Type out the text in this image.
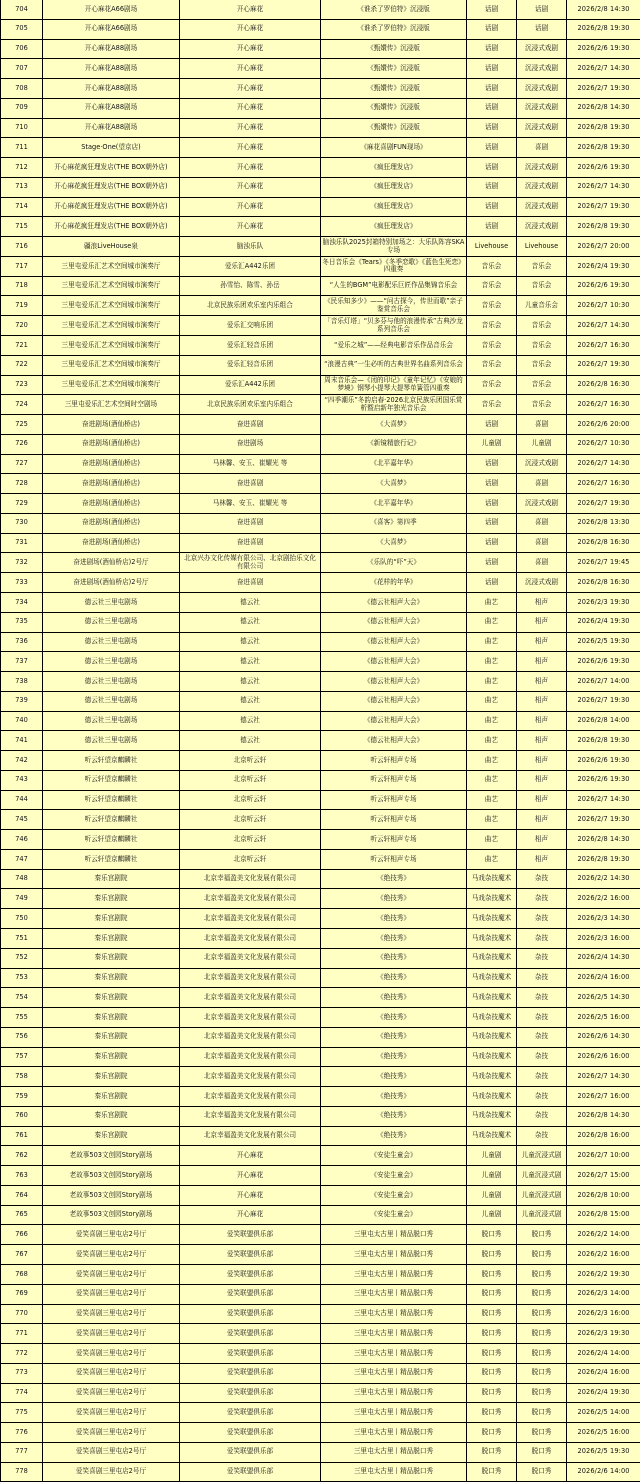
704	开心麻花A66剧场	开心麻花	《谁杀了罗伯特》沉浸版	话剧	话剧	2026/2/8 14:30
705	开心麻花A66剧场	开心麻花	《谁杀了罗伯特》沉浸版	话剧	话剧	2026/2/8 19:30
706	开心麻花A88剧场	开心麻花	《甄嬛传》沉浸版	话剧	沉浸式戏剧	2026/2/6 19:30
707	开心麻花A88剧场	开心麻花	《甄嬛传》沉浸版	话剧	沉浸式戏剧	2026/2/7 14:30
708	开心麻花A88剧场	开心麻花	《甄嬛传》沉浸版	话剧	沉浸式戏剧	2026/2/7 19:30
709	开心麻花A88剧场	开心麻花	《甄嬛传》沉浸版	话剧	沉浸式戏剧	2026/2/8 14:30
710	开心麻花A88剧场	开心麻花	《甄嬛传》沉浸版	话剧	沉浸式戏剧	2026/2/8 19:30
711	Stage·One(望京店)	开心麻花	《麻花喜剧FUN现场》	话剧	喜剧	2026/2/8 19:30
712	开心麻花疯狂理发店(THE BOX朝外店)	开心麻花	《疯狂理发店》	话剧	沉浸式戏剧	2026/2/6 19:30
713	开心麻花疯狂理发店(THE BOX朝外店)	开心麻花	《疯狂理发店》	话剧	沉浸式戏剧	2026/2/7 14:30
714	开心麻花疯狂理发店(THE BOX朝外店)	开心麻花	《疯狂理发店》	话剧	沉浸式戏剧	2026/2/7 19:30
715	开心麻花疯狂理发店(THE BOX朝外店)	开心麻花	《疯狂理发店》	话剧	沉浸式戏剧	2026/2/8 19:30
716	疆浪LiveHouse泉	脑浊乐队	脑浊乐队2025封箱特别加场之：大乐队阵容SKA专场	Livehouse	Livehouse	2026/2/7 20:00
717	三里屯爱乐汇艺术空间城市演奏厅	爱乐汇A442乐团	冬日音乐会《Tears》《冬季恋歌》《蓝色生死恋》四重奏	音乐会	音乐会	2026/2/4 19:30
718	三里屯爱乐汇艺术空间城市演奏厅	孙雪怡、陈雪、孙岳	“人生的BGM”电影配乐巨匠作品集锦音乐会	音乐会	音乐会	2026/2/6 19:30
719	三里屯爱乐汇艺术空间城市演奏厅	北京民族乐团欢乐室内乐组合	《民乐知多少》——“问古探今，传世而歌”亲子鉴赏音乐会	音乐会	儿童音乐会	2026/2/7 10:30
720	三里屯爱乐汇艺术空间城市演奏厅	爱乐汇交响乐团	「音乐灯塔」“贝多芬与他的浪漫传承”古典沙龙系列音乐会	音乐会	音乐会	2026/2/7 14:30
721	三里屯爱乐汇艺术空间城市演奏厅	爱乐汇轻音乐团	“爱乐之城”——经典电影音乐作品音乐会	音乐会	音乐会	2026/2/7 16:30
722	三里屯爱乐汇艺术空间城市演奏厅	爱乐汇轻音乐团	“浪漫古典”一生必听的古典世界名曲系列音乐会	音乐会	音乐会	2026/2/7 19:30
723	三里屯爱乐汇艺术空间城市演奏厅	爱乐汇A442乐团	周末音乐会—《闭的印记》《童年记忆》《安娘的梦境》钢琴小提琴大提琴单簧管四重奏	音乐会	音乐会	2026/2/8 16:30
724	三里屯爱乐汇艺术空间时空剧场	北京民族乐团欢乐室内乐组合	“四季潮乐”冬韵启春·2026北京民族乐团国乐赏析暨启新年独光音乐会	音乐会	音乐会	2026/2/7 16:30
725	奋进剧场(酒仙桥店)	奋进喜剧	《大喜梦》	话剧	喜剧	2026/2/6 20:00
726	奋进剧场(酒仙桥店)	奋进剧场	《新镜精旅行记》	儿童剧	儿童剧	2026/2/7 10:30
727	奋进剧场(酒仙桥店)	马林馨、安玉、崔耀光 等	《北平嘉年华》	话剧	沉浸式戏剧	2026/2/7 14:30
728	奋进剧场(酒仙桥店)	奋进喜剧	《大喜梦》	话剧	喜剧	2026/2/7 16:30
729	奋进剧场(酒仙桥店)	马林馨、安玉、崔耀光 等	《北平嘉年华》	话剧	沉浸式戏剧	2026/2/7 19:30
730	奋进剧场(酒仙桥店)	奋进喜剧	《喜客》第四季	话剧	喜剧	2026/2/8 13:30
731	奋进剧场(酒仙桥店)	奋进喜剧	《大喜梦》	话剧	喜剧	2026/2/8 16:30
732	奋进剧场(酒仙桥店)2号厅	北京兴办文化传媒有限公司、北京剧抬乐文化有限公司	《乐队的“吓”天》	话剧	喜剧	2026/2/7 19:45
733	奋进剧场(酒仙桥店)2号厅	奋进喜剧	《花样的年华》	话剧	沉浸式戏剧	2026/2/8 16:30
734	德云社三里屯剧场	德云社	《德云社相声大会》	曲艺	相声	2026/2/3 19:30
735	德云社三里屯剧场	德云社	《德云社相声大会》	曲艺	相声	2026/2/4 19:30
736	德云社三里屯剧场	德云社	《德云社相声大会》	曲艺	相声	2026/2/5 19:30
737	德云社三里屯剧场	德云社	《德云社相声大会》	曲艺	相声	2026/2/6 19:30
738	德云社三里屯剧场	德云社	《德云社相声大会》	曲艺	相声	2026/2/7 14:00
739	德云社三里屯剧场	德云社	《德云社相声大会》	曲艺	相声	2026/2/7 19:30
740	德云社三里屯剧场	德云社	《德云社相声大会》	曲艺	相声	2026/2/8 14:00
741	德云社三里屯剧场	德云社	《德云社相声大会》	曲艺	相声	2026/2/8 19:30
742	听云轩望京麒麟社	北京听云轩	听云轩相声专场	曲艺	相声	2026/2/6 19:30
743	听云轩望京麒麟社	北京听云轩	听云轩相声专场	曲艺	相声	2026/2/6 19:30
744	听云轩望京麒麟社	北京听云轩	听云轩相声专场	曲艺	相声	2026/2/7 14:30
745	听云轩望京麒麟社	北京听云轩	听云轩相声专场	曲艺	相声	2026/2/7 19:30
746	听云轩望京麒麟社	北京听云轩	听云轩相声专场	曲艺	相声	2026/2/8 14:30
747	听云轩望京麒麟社	北京听云轩	听云轩相声专场	曲艺	相声	2026/2/8 19:30
748	秦乐宫剧院	北京幸福盈美文化发展有限公司	《绝技秀》	马戏杂技魔术	杂技	2026/2/2 14:30
749	秦乐宫剧院	北京幸福盈美文化发展有限公司	《绝技秀》	马戏杂技魔术	杂技	2026/2/2 16:00
750	秦乐宫剧院	北京幸福盈美文化发展有限公司	《绝技秀》	马戏杂技魔术	杂技	2026/2/3 14:30
751	秦乐宫剧院	北京幸福盈美文化发展有限公司	《绝技秀》	马戏杂技魔术	杂技	2026/2/3 16:00
752	秦乐宫剧院	北京幸福盈美文化发展有限公司	《绝技秀》	马戏杂技魔术	杂技	2026/2/4 14:30
753	秦乐宫剧院	北京幸福盈美文化发展有限公司	《绝技秀》	马戏杂技魔术	杂技	2026/2/4 16:00
754	秦乐宫剧院	北京幸福盈美文化发展有限公司	《绝技秀》	马戏杂技魔术	杂技	2026/2/5 14:30
755	秦乐宫剧院	北京幸福盈美文化发展有限公司	《绝技秀》	马戏杂技魔术	杂技	2026/2/5 16:00
756	秦乐宫剧院	北京幸福盈美文化发展有限公司	《绝技秀》	马戏杂技魔术	杂技	2026/2/6 14:30
757	秦乐宫剧院	北京幸福盈美文化发展有限公司	《绝技秀》	马戏杂技魔术	杂技	2026/2/6 16:00
758	秦乐宫剧院	北京幸福盈美文化发展有限公司	《绝技秀》	马戏杂技魔术	杂技	2026/2/7 14:30
759	秦乐宫剧院	北京幸福盈美文化发展有限公司	《绝技秀》	马戏杂技魔术	杂技	2026/2/7 16:00
760	秦乐宫剧院	北京幸福盈美文化发展有限公司	《绝技秀》	马戏杂技魔术	杂技	2026/2/8 14:30
761	秦乐宫剧院	北京幸福盈美文化发展有限公司	《绝技秀》	马戏杂技魔术	杂技	2026/2/8 16:00
762	老故事503文创园Story剧场	开心麻花	《安徒生童会》	儿童剧	儿童沉浸式剧	2026/2/7 10:00
763	老故事503文创园Story剧场	开心麻花	《安徒生童会》	儿童剧	儿童沉浸式剧	2026/2/7 15:00
764	老故事503文创园Story剧场	开心麻花	《安徒生童会》	儿童剧	儿童沉浸式剧	2026/2/8 10:00
765	老故事503文创园Story剧场	开心麻花	《安徒生童会》	儿童剧	儿童沉浸式剧	2026/2/8 15:00
766	爱笑喜剧三里屯店2号厅	爱笑联盟俱乐部	三里屯太古里丨精品脱口秀	脱口秀	脱口秀	2026/2/2 14:00
767	爱笑喜剧三里屯店2号厅	爱笑联盟俱乐部	三里屯太古里丨精品脱口秀	脱口秀	脱口秀	2026/2/2 16:00
768	爱笑喜剧三里屯店2号厅	爱笑联盟俱乐部	三里屯太古里丨精品脱口秀	脱口秀	脱口秀	2026/2/2 19:30
769	爱笑喜剧三里屯店2号厅	爱笑联盟俱乐部	三里屯太古里丨精品脱口秀	脱口秀	脱口秀	2026/2/3 14:00
770	爱笑喜剧三里屯店2号厅	爱笑联盟俱乐部	三里屯太古里丨精品脱口秀	脱口秀	脱口秀	2026/2/3 16:00
771	爱笑喜剧三里屯店2号厅	爱笑联盟俱乐部	三里屯太古里丨精品脱口秀	脱口秀	脱口秀	2026/2/3 19:30
772	爱笑喜剧三里屯店2号厅	爱笑联盟俱乐部	三里屯太古里丨精品脱口秀	脱口秀	脱口秀	2026/2/4 14:00
773	爱笑喜剧三里屯店2号厅	爱笑联盟俱乐部	三里屯太古里丨精品脱口秀	脱口秀	脱口秀	2026/2/4 16:00
774	爱笑喜剧三里屯店2号厅	爱笑联盟俱乐部	三里屯太古里丨精品脱口秀	脱口秀	脱口秀	2026/2/4 19:30
775	爱笑喜剧三里屯店2号厅	爱笑联盟俱乐部	三里屯太古里丨精品脱口秀	脱口秀	脱口秀	2026/2/5 14:00
776	爱笑喜剧三里屯店2号厅	爱笑联盟俱乐部	三里屯太古里丨精品脱口秀	脱口秀	脱口秀	2026/2/5 16:00
777	爱笑喜剧三里屯店2号厅	爱笑联盟俱乐部	三里屯太古里丨精品脱口秀	脱口秀	脱口秀	2026/2/5 19:30
778	爱笑喜剧三里屯店2号厅	爱笑联盟俱乐部	三里屯太古里丨精品脱口秀	脱口秀	脱口秀	2026/2/6 14:00
